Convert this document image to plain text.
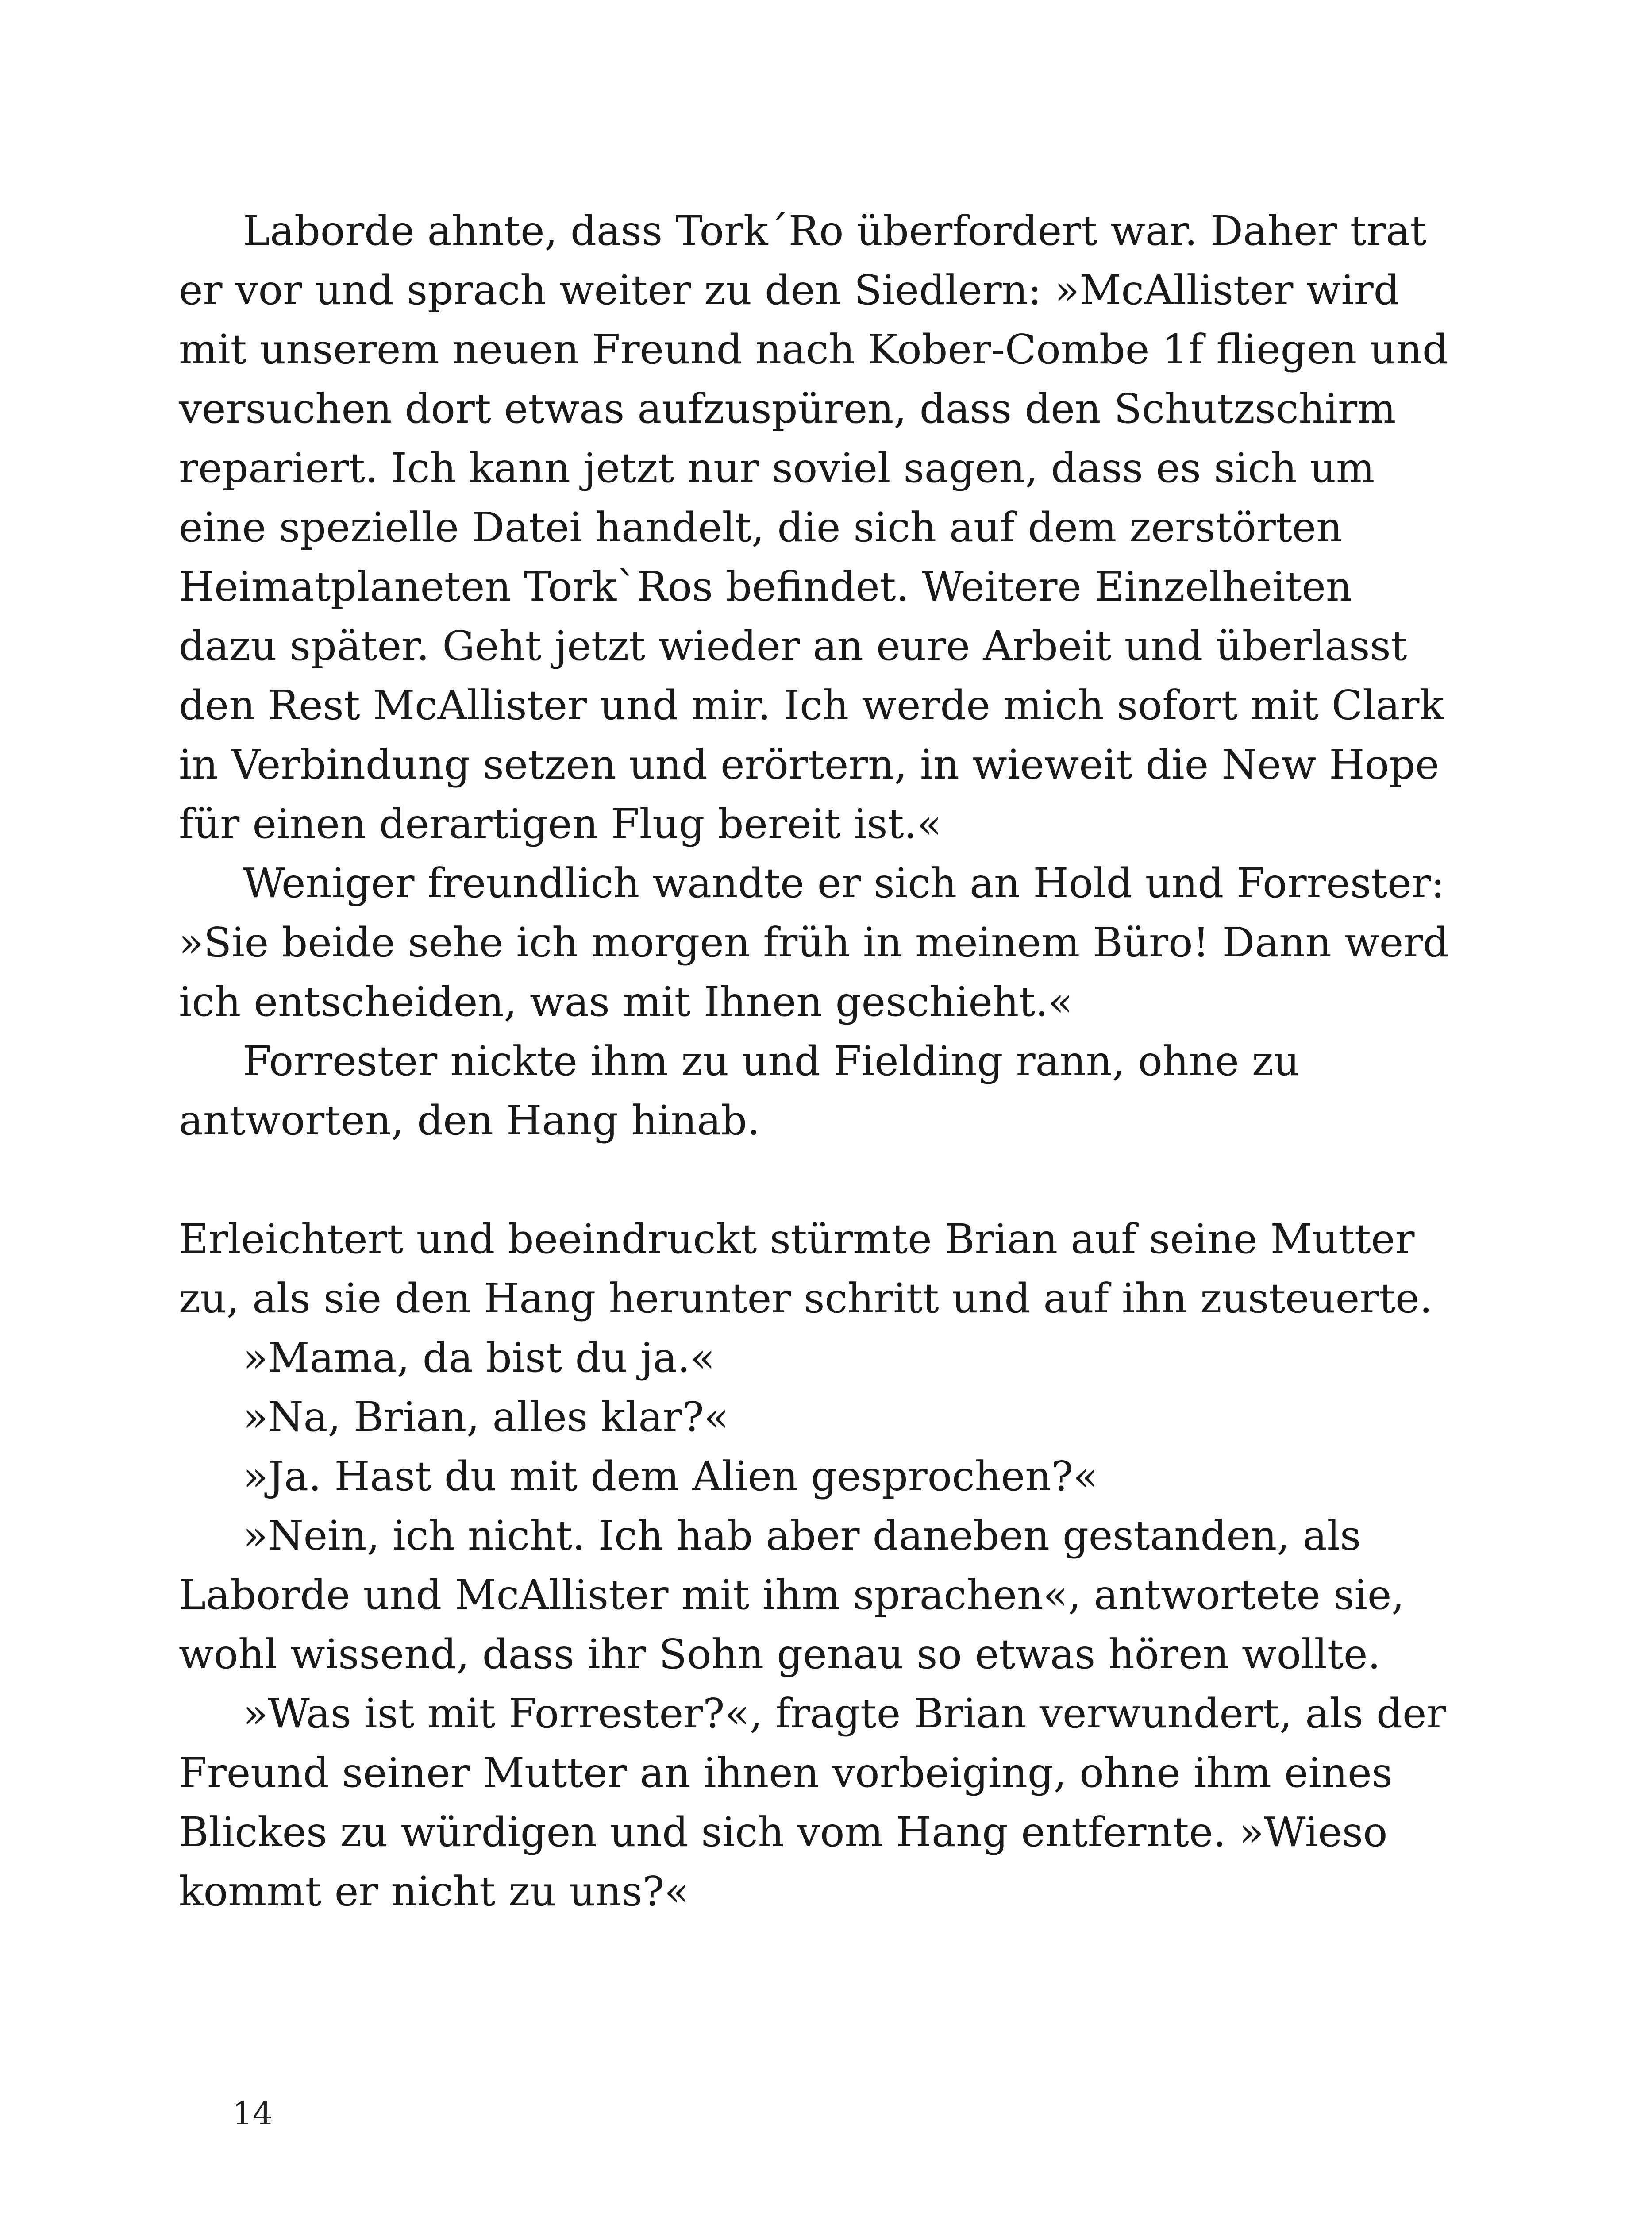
Laborde ahnte, dass Tork´Ro überfordert war. Daher trat er vor und sprach weiter zu den Siedlern: »McAllister wird mit unserem neuen Freund nach Kober-Combe 1f fliegen und versuchen dort etwas aufzuspüren, dass den Schutzschirm repariert. Ich kann jetzt nur soviel sagen, dass es sich um eine spezielle Datei handelt, die sich auf dem zerstörten Heimatplaneten Tork`Ros befindet. Weitere Einzelheiten dazu später. Geht jetzt wieder an eure Arbeit und überlasst den Rest McAllister und mir. Ich werde mich sofort mit Clark in Verbindung setzen und erörtern, in wieweit die New Hope für einen derartigen Flug bereit ist.«

Weniger freundlich wandte er sich an Hold und Forrester: »Sie beide sehe ich morgen früh in meinem Büro! Dann werd ich entscheiden, was mit Ihnen geschieht.«

Forrester nickte ihm zu und Fielding rann, ohne zu antworten, den Hang hinab.

Erleichtert und beeindruckt stürmte Brian auf seine Mutter zu, als sie den Hang herunter schritt und auf ihn zusteuerte.

»Mama, da bist du ja.«

»Na, Brian, alles klar?«

»Ja. Hast du mit dem Alien gesprochen?«

»Nein, ich nicht. Ich hab aber daneben gestanden, als Laborde und McAllister mit ihm sprachen«, antwortete sie, wohl wissend, dass ihr Sohn genau so etwas hören wollte.

»Was ist mit Forrester?«, fragte Brian verwundert, als der Freund seiner Mutter an ihnen vorbeiging, ohne ihm eines Blickes zu würdigen und sich vom Hang entfernte. »Wieso kommt er nicht zu uns?«

14
